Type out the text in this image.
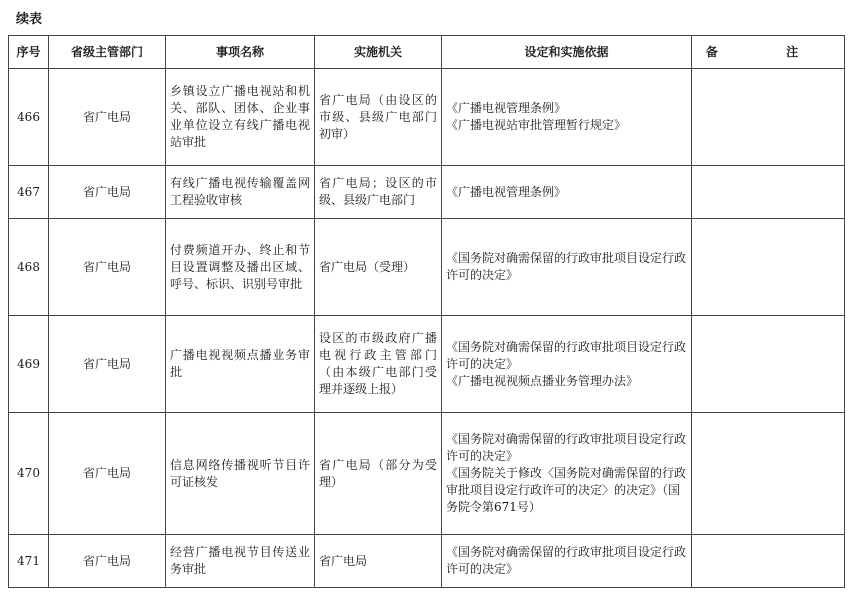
续表
序号	省级主管部门	事项名称	实施机关	设定和实施依据	备 注
466	省广电局	乡镇设立广播电视站和机关、部队、团体、企业事业单位设立有线广播电视站审批	省广电局（由设区的市级、县级广电部门初审）	《广播电视管理条例》
《广播电视站审批管理暂行规定》	

467	省广电局	有线广播电视传输覆盖网工程验收审核	省广电局；设区的市级、县级广电部门	《广播电视管理条例》	

468	省广电局	付费频道开办、终止和节目设置调整及播出区域、呼号、标识、识别号审批	省广电局（受理）	《国务院对确需保留的行政审批项目设定行政许可的决定》	

469	省广电局	广播电视视频点播业务审批	设区的市级政府广播电视行政主管部门（由本级广电部门受理并逐级上报）	《国务院对确需保留的行政审批项目设定行政许可的决定》
《广播电视视频点播业务管理办法》	

470	省广电局	信息网络传播视听节目许可证核发	省广电局（部分为受理）	《国务院对确需保留的行政审批项目设定行政许可的决定》
《国务院关于修改〈国务院对确需保留的行政审批项目设定行政许可的决定〉的决定》（国务院令第671号）	

471	省广电局	经营广播电视节目传送业务审批	省广电局	《国务院对确需保留的行政审批项目设定行政许可的决定》	
